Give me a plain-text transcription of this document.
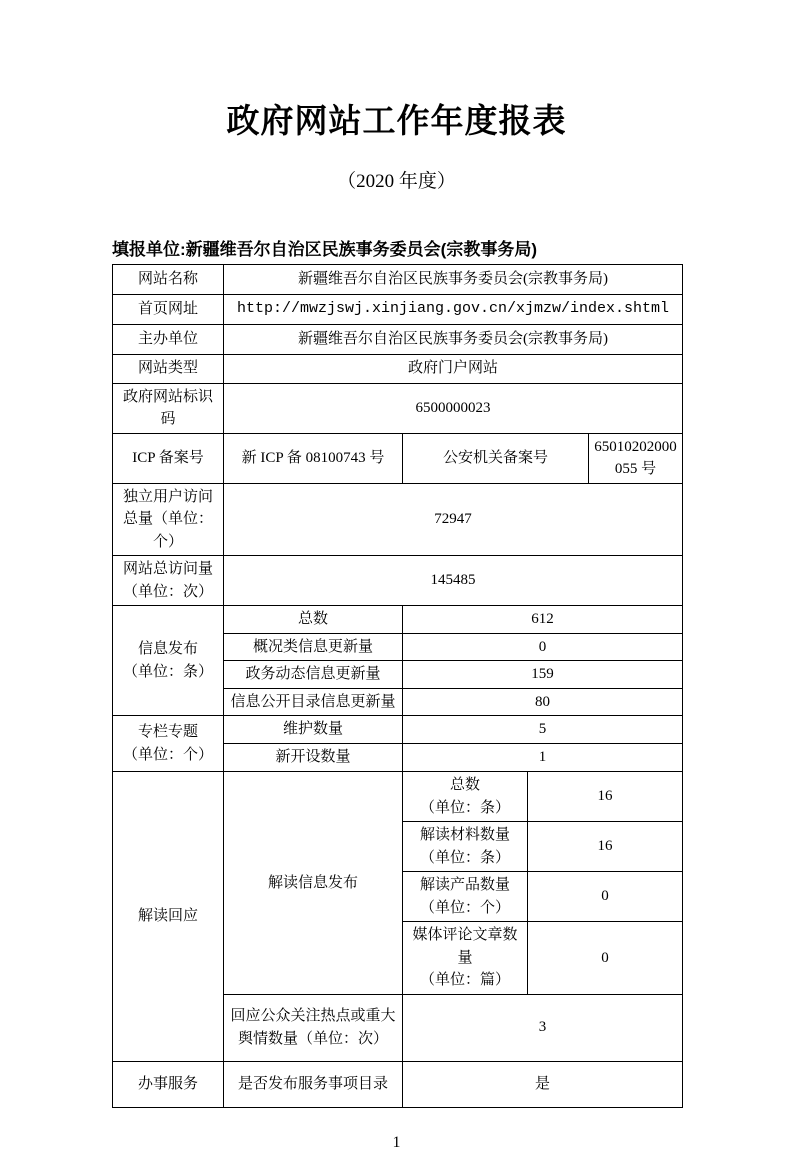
政府网站工作年度报表
（2020 年度）
填报单位:新疆维吾尔自治区民族事务委员会(宗教事务局)
网站名称	新疆维吾尔自治区民族事务委员会(宗教事务局)			
首页网址	http://mwzjswj.xinjiang.gov.cn/xjmzw/index.shtml			
主办单位	新疆维吾尔自治区民族事务委员会(宗教事务局)			
网站类型	政府门户网站			
政府网站标识码	6500000023			
ICP 备案号	新 ICP 备 08100743 号	公安机关备案号		65010202000055 号
独立用户访问总量（单位：个）	72947			

网站总访问量
（单位：次）	145485			

信息发布
（单位：条）	总数	612		
	概况类信息更新量	0		
	政务动态信息更新量	159		
	信息公开目录信息更新量	80		

专栏专题
（单位：个）	维护数量	5		
	新开设数量	1		
解读回应	解读信息发布	总数
（单位：条）	16	

		解读材料数量
（单位：条）	16	

		解读产品数量
（单位：个）	0	

		媒体评论文章数量
（单位：篇）	0	
	回应公众关注热点或重大舆情数量（单位：次）	3		
办事服务	是否发布服务事项目录	是		
1
